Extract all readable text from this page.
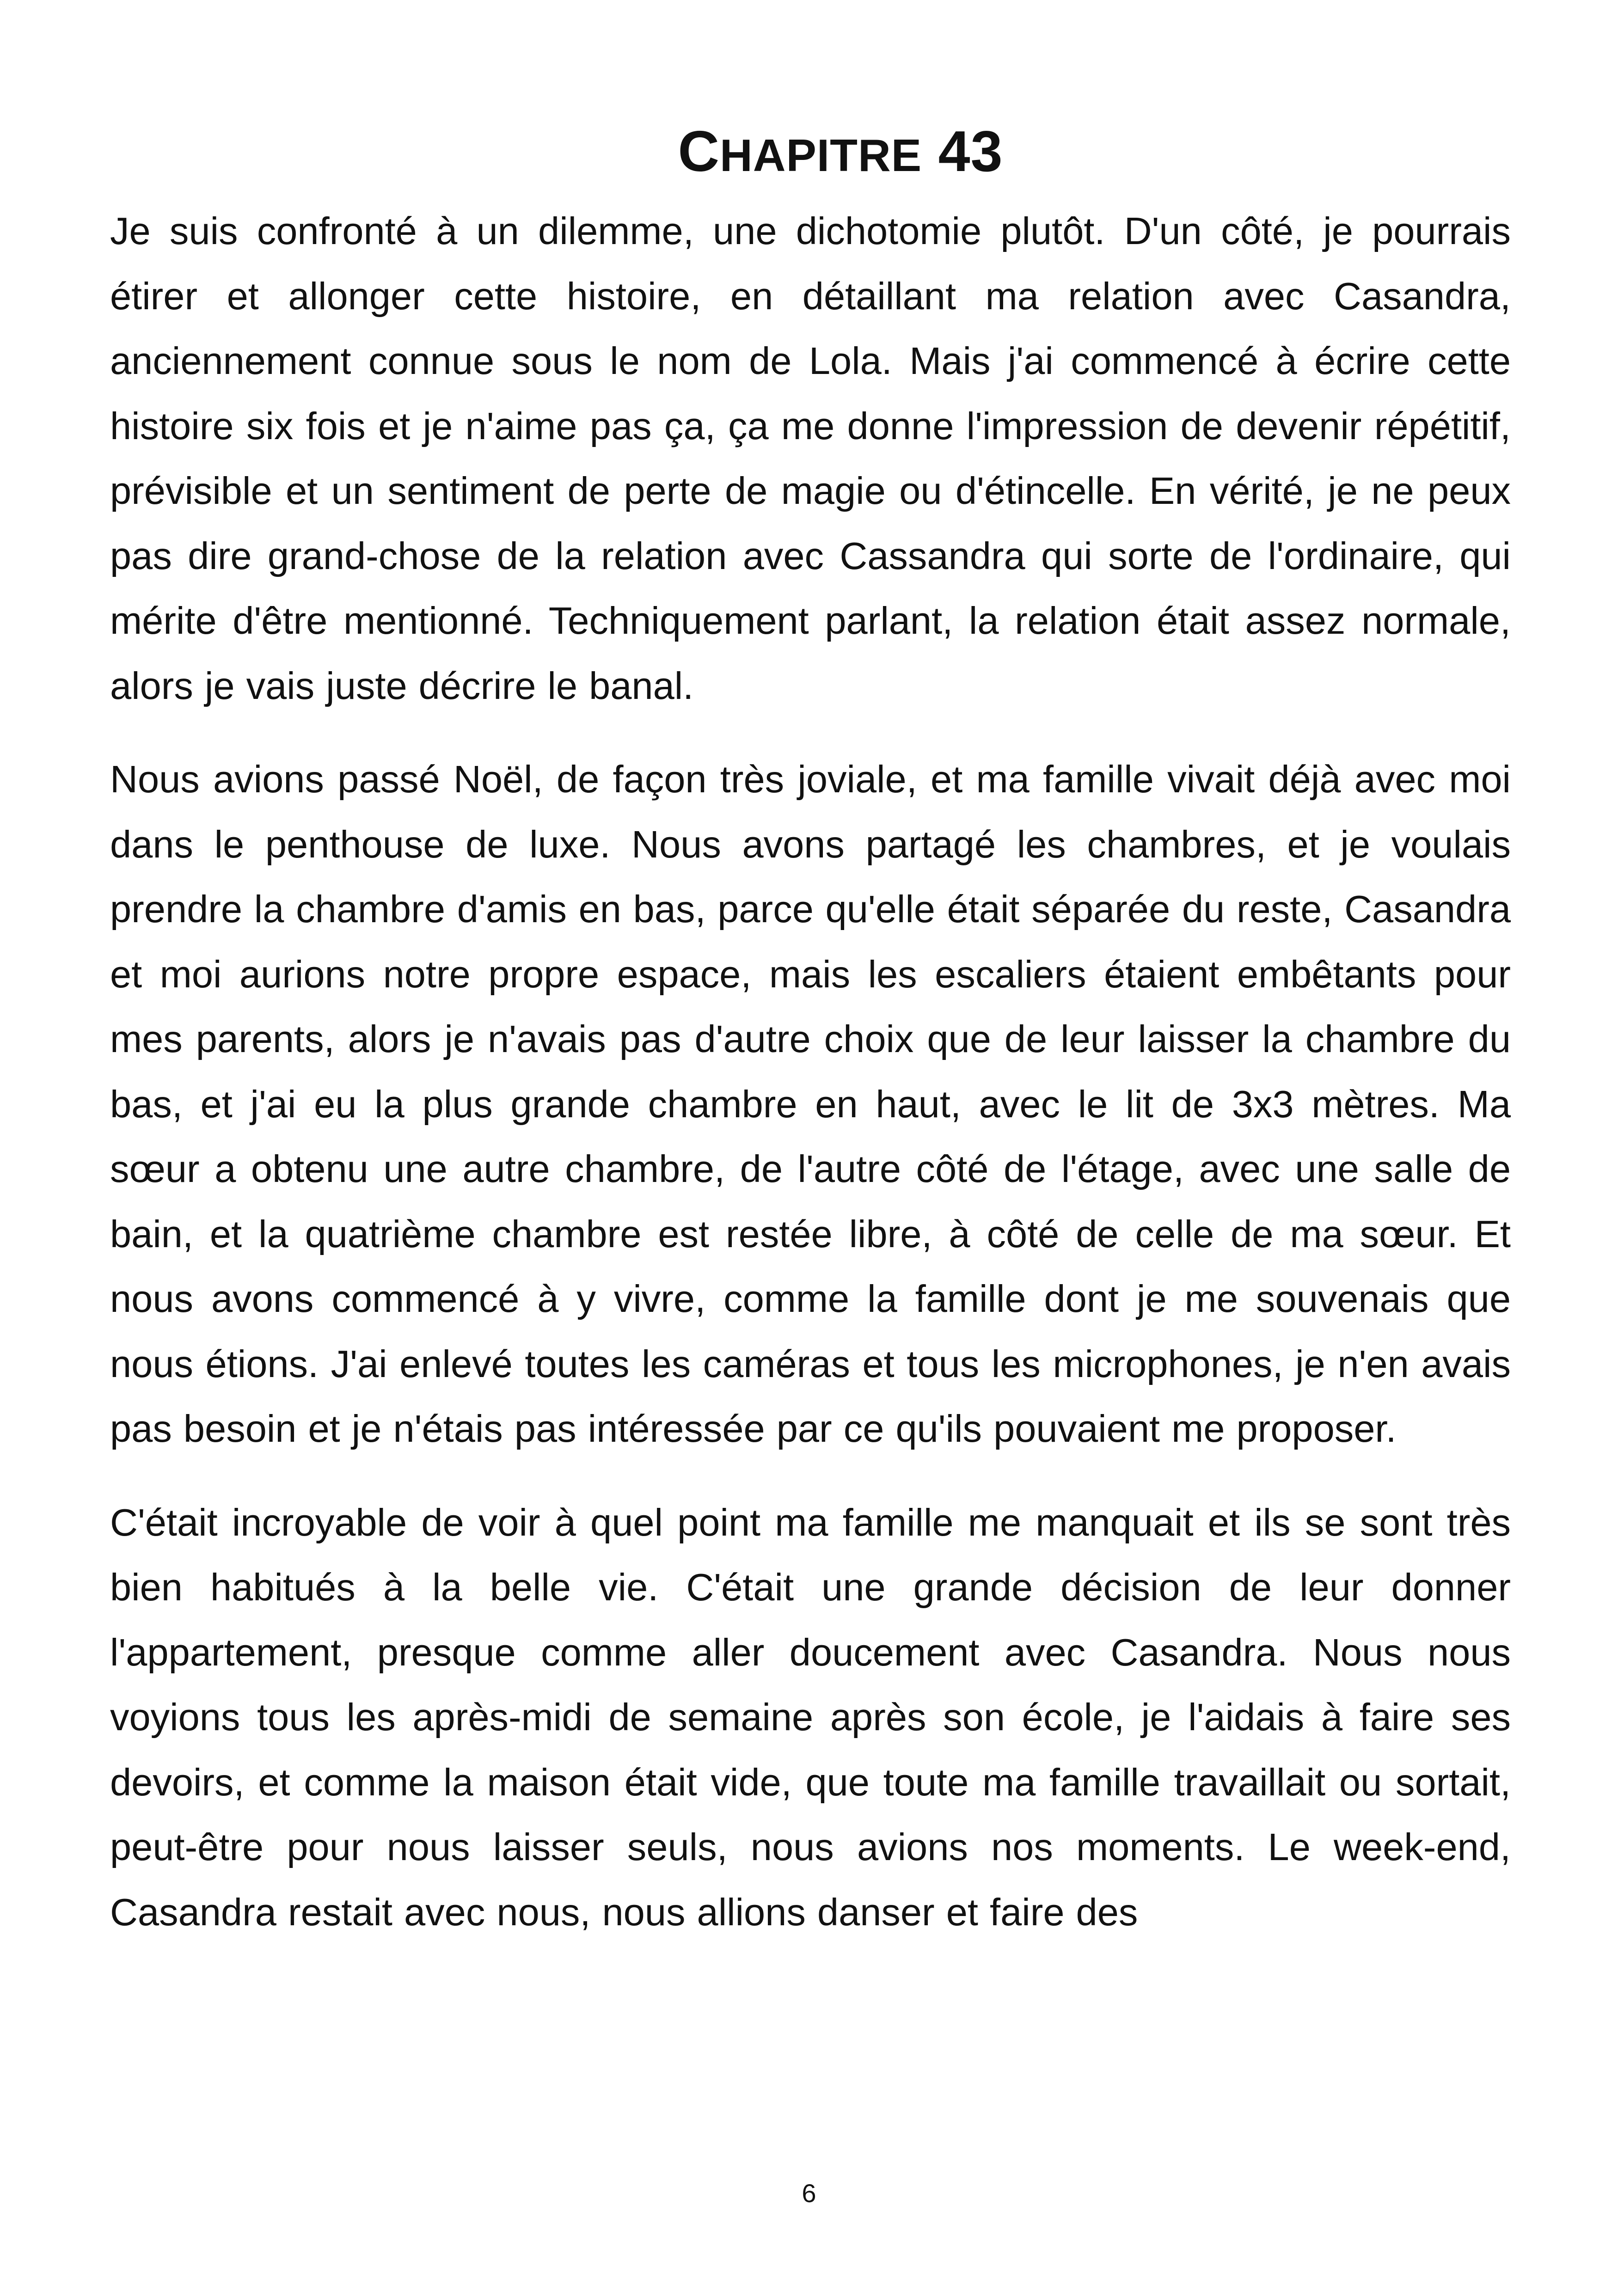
CHAPITRE 43

Je suis confronté à un dilemme, une dichotomie plutôt. D'un côté, je pourrais étirer et allonger cette histoire, en détaillant ma relation avec Casandra, anciennement connue sous le nom de Lola. Mais j'ai commencé à écrire cette histoire six fois et je n'aime pas ça, ça me donne l'impression de devenir répétitif, prévisible et un sentiment de perte de magie ou d'étincelle. En vérité, je ne peux pas dire grand-chose de la relation avec Cassandra qui sorte de l'ordinaire, qui mérite d'être mentionné. Techniquement parlant, la relation était assez normale, alors je vais juste décrire le banal.

Nous avions passé Noël, de façon très joviale, et ma famille vivait déjà avec moi dans le penthouse de luxe. Nous avons partagé les chambres, et je voulais prendre la chambre d'amis en bas, parce qu'elle était séparée du reste, Casandra et moi aurions notre propre espace, mais les escaliers étaient embêtants pour mes parents, alors je n'avais pas d'autre choix que de leur laisser la chambre du bas, et j'ai eu la plus grande chambre en haut, avec le lit de 3x3 mètres. Ma sœur a obtenu une autre chambre, de l'autre côté de l'étage, avec une salle de bain, et la quatrième chambre est restée libre, à côté de celle de ma sœur. Et nous avons commencé à y vivre, comme la famille dont je me souvenais que nous étions. J'ai enlevé toutes les caméras et tous les microphones, je n'en avais pas besoin et je n'étais pas intéressée par ce qu'ils pouvaient me proposer.

C'était incroyable de voir à quel point ma famille me manquait et ils se sont très bien habitués à la belle vie. C'était une grande décision de leur donner l'appartement, presque comme aller doucement avec Casandra. Nous nous voyions tous les après-midi de semaine après son école, je l'aidais à faire ses devoirs, et comme la maison était vide, que toute ma famille travaillait ou sortait, peut-être pour nous laisser seuls, nous avions nos moments. Le week-end, Casandra restait avec nous, nous allions danser et faire des

6
